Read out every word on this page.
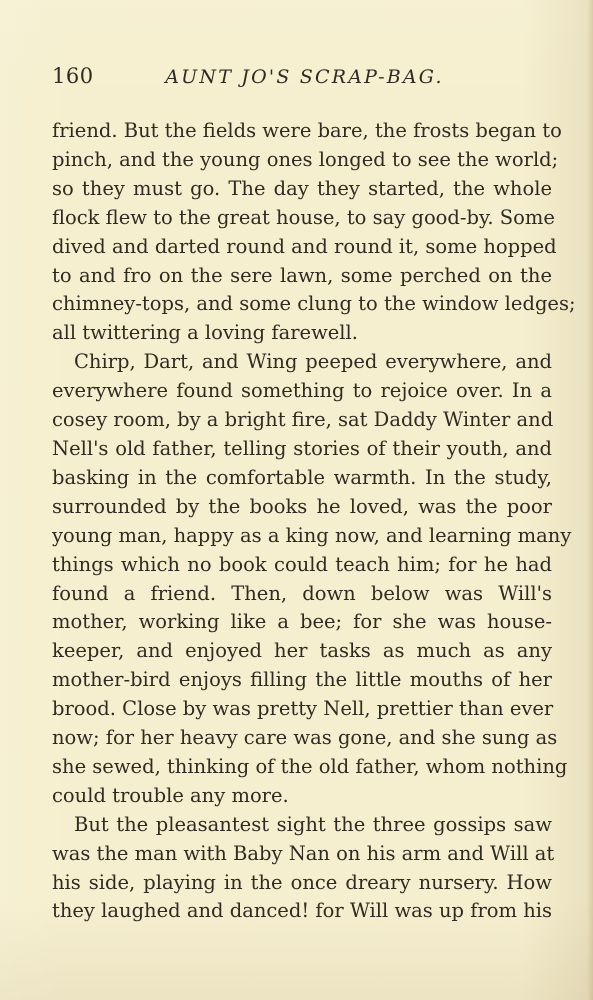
160	AUNT JO'S SCRAP-BAG.
friend. But the fields were bare, the frosts began to
pinch, and the young ones longed to see the world;
so they must go. The day they started, the whole
flock flew to the great house, to say good-by. Some
dived and darted round and round it, some hopped
to and fro on the sere lawn, some perched on the
chimney-tops, and some clung to the window ledges;
all twittering a loving farewell.
Chirp, Dart, and Wing peeped everywhere, and
everywhere found something to rejoice over. In a
cosey room, by a bright fire, sat Daddy Winter and
Nell's old father, telling stories of their youth, and
basking in the comfortable warmth. In the study,
surrounded by the books he loved, was the poor
young man, happy as a king now, and learning many
things which no book could teach him; for he had
found a friend. Then, down below was Will's
mother, working like a bee; for she was house-
keeper, and enjoyed her tasks as much as any
mother-bird enjoys filling the little mouths of her
brood. Close by was pretty Nell, prettier than ever
now; for her heavy care was gone, and she sung as
she sewed, thinking of the old father, whom nothing
could trouble any more.
But the pleasantest sight the three gossips saw
was the man with Baby Nan on his arm and Will at
his side, playing in the once dreary nursery. How
they laughed and danced! for Will was up from his
